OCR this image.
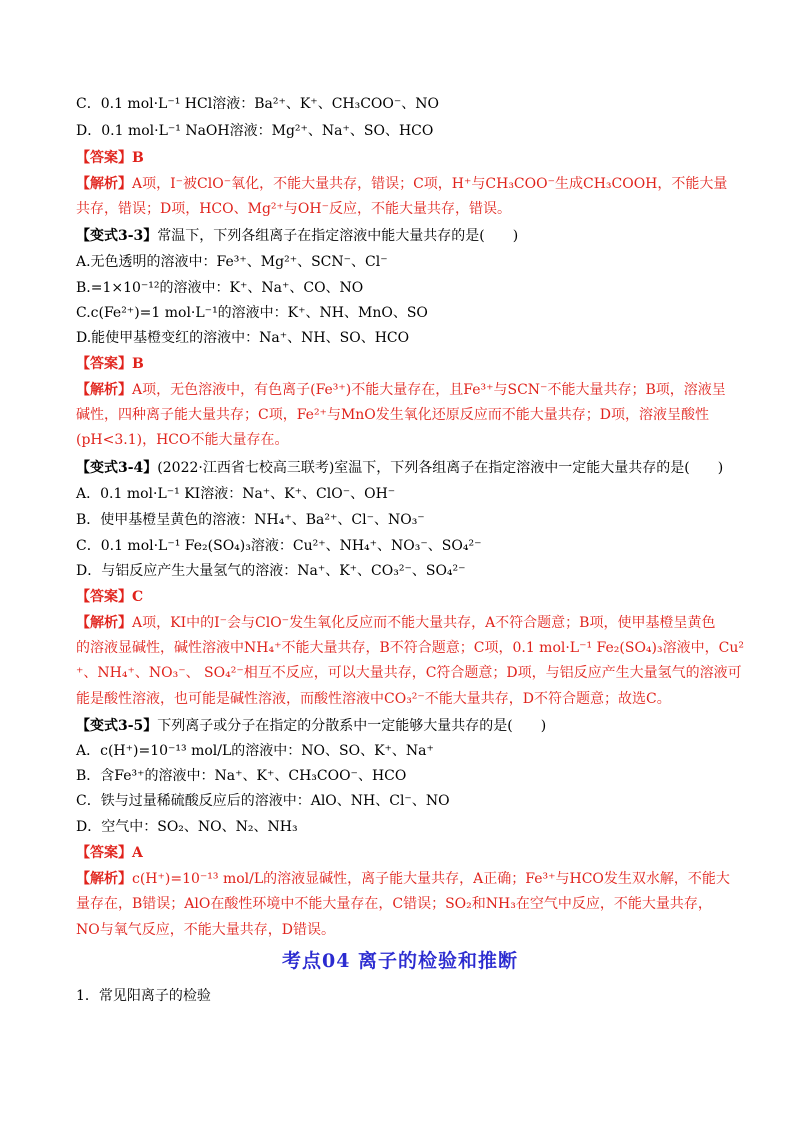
C．0.1 mol·L⁻¹ HCl溶液：Ba²⁺、K⁺、CH₃COO⁻、NO
D．0.1 mol·L⁻¹ NaOH溶液：Mg²⁺、Na⁺、SO、HCO
【答案】B
【解析】A项，I⁻被ClO⁻氧化，不能大量共存，错误；C项，H⁺与CH₃COO⁻生成CH₃COOH，不能大量
共存，错误；D项，HCO、Mg²⁺与OH⁻反应，不能大量共存，错误。
【变式3-3】常温下，下列各组离子在指定溶液中能大量共存的是(　　)
A.无色透明的溶液中：Fe³⁺、Mg²⁺、SCN⁻、Cl⁻
B.=1×10⁻¹²的溶液中：K⁺、Na⁺、CO、NO
C.c(Fe²⁺)=1 mol·L⁻¹的溶液中：K⁺、NH、MnO、SO
D.能使甲基橙变红的溶液中：Na⁺、NH、SO、HCO
【答案】B
【解析】A项，无色溶液中，有色离子(Fe³⁺)不能大量存在，且Fe³⁺与SCN⁻不能大量共存；B项，溶液呈
碱性，四种离子能大量共存；C项，Fe²⁺与MnO发生氧化还原反应而不能大量共存；D项，溶液呈酸性
(pH<3.1)，HCO不能大量存在。
【变式3-4】(2022·江西省七校高三联考)室温下，下列各组离子在指定溶液中一定能大量共存的是(　　)
A．0.1 mol·L⁻¹ KI溶液：Na⁺、K⁺、ClO⁻、OH⁻
B．使甲基橙呈黄色的溶液：NH₄⁺、Ba²⁺、Cl⁻、NO₃⁻
C．0.1 mol·L⁻¹ Fe₂(SO₄)₃溶液：Cu²⁺、NH₄⁺、NO₃⁻、SO₄²⁻
D．与铝反应产生大量氢气的溶液：Na⁺、K⁺、CO₃²⁻、SO₄²⁻
【答案】C
【解析】A项，KI中的I⁻会与ClO⁻发生氧化反应而不能大量共存，A不符合题意；B项，使甲基橙呈黄色
的溶液显碱性，碱性溶液中NH₄⁺不能大量共存，B不符合题意；C项，0.1 mol·L⁻¹ Fe₂(SO₄)₃溶液中，Cu²
⁺、NH₄⁺、NO₃⁻、 SO₄²⁻相互不反应，可以大量共存，C符合题意；D项，与铝反应产生大量氢气的溶液可
能是酸性溶液，也可能是碱性溶液，而酸性溶液中CO₃²⁻不能大量共存，D不符合题意；故选C。
【变式3-5】下列离子或分子在指定的分散系中一定能够大量共存的是(　　)
A．c(H⁺)=10⁻¹³ mol/L的溶液中：NO、SO、K⁺、Na⁺
B．含Fe³⁺的溶液中：Na⁺、K⁺、CH₃COO⁻、HCO
C．铁与过量稀硫酸反应后的溶液中：AlO、NH、Cl⁻、NO
D．空气中：SO₂、NO、N₂、NH₃
【答案】A
【解析】c(H⁺)=10⁻¹³ mol/L的溶液显碱性，离子能大量共存，A正确；Fe³⁺与HCO发生双水解，不能大
量存在，B错误；AlO在酸性环境中不能大量存在，C错误；SO₂和NH₃在空气中反应，不能大量共存，
NO与氧气反应，不能大量共存，D错误。
考点04 离子的检验和推断
1．常见阳离子的检验
